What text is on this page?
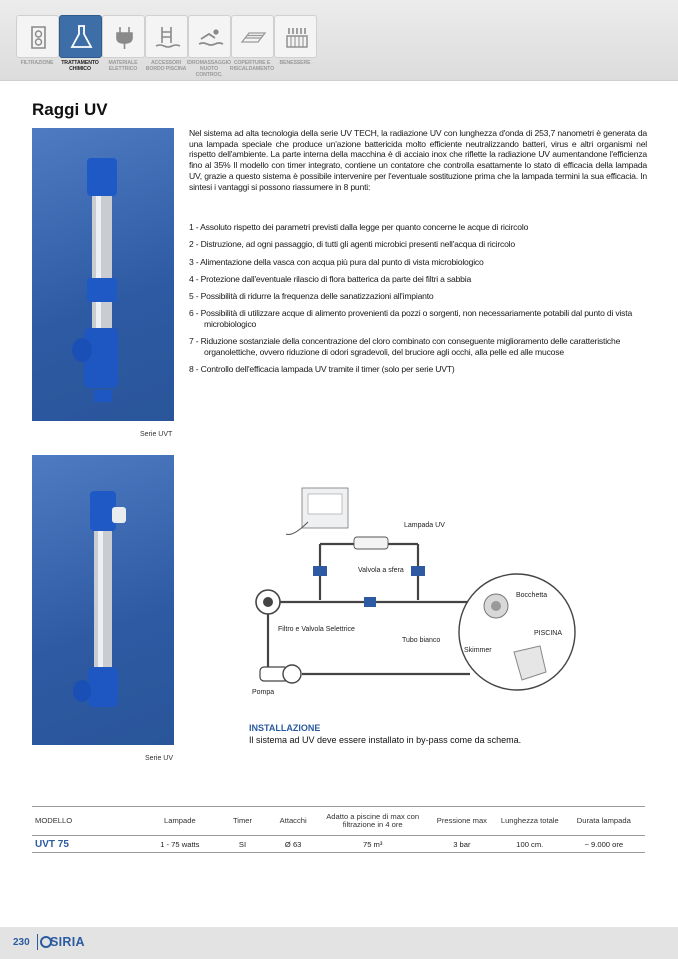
FILTRAZIONE	TRATTAMENTO CHIMICO
MATERIALE ELETTRICO
ACCESSORI BORDO PISCINA
IDROMASSAGGIO NUOTO CONTROC.
COPERTURE E RISCALDAMENTO
BENESSERE
Raggi UV
Serie UVT
Serie UV
Nel sistema ad alta tecnologia della serie UV TECH, la radiazione UV con lunghezza d'onda di 253,7 nanometri è generata da una lampada speciale che produce un'azione battericida molto efficiente neutralizzando batteri, virus e altri organismi nel rispetto dell'ambiente. La parte interna della macchina è di acciaio inox che riflette la radiazione UV aumentandone l'efficienza fino al 35% Il modello con timer integrato, contiene un contatore che controlla esattamente lo stato di efficacia della lampada UV, grazie a questo sistema è possibile intervenire per l'eventuale sostituzione prima che la lampada termini la sua efficacia. In sintesi i vantaggi si possono riassumere in 8 punti:
1 - Assoluto rispetto dei parametri previsti dalla legge per quanto concerne le acque di ricircolo
2 - Distruzione, ad ogni passaggio, di tutti gli agenti microbici presenti nell'acqua di ricircolo
3 - Alimentazione della vasca con acqua più pura dal punto di vista microbiologico
4 - Protezione dall'eventuale rilascio di flora batterica da parte dei filtri a sabbia
5 - Possibilità di ridurre la frequenza delle sanatizzazioni all'impianto
6 - Possibilità di utilizzare acque di alimento provenienti da pozzi o sorgenti, non necessariamente potabili dal punto di vista microbiologico
7 - Riduzione sostanziale della concentrazione del cloro combinato con conseguente miglioramento delle caratteristiche organolettiche, ovvero riduzione di odori sgradevoli, del bruciore agli occhi, alla pelle ed alle mucose
8 - Controllo dell'efficacia lampada UV tramite il timer (solo per serie UVT)
Lampada UV
Valvola a sfera
Bocchetta
PISCINA
Filtro e Valvola Selettrice
Tubo bianco
Skimmer
Pompa
INSTALLAZIONE
Il sistema ad UV deve essere installato in by-pass come da schema.
MODELLO	Lampade	Timer	Attacchi	Adatto a piscine di max con filtrazione in 4 ore	Pressione max	Lunghezza totale	Durata lampada
UVT 75	1 - 75 watts	SI	Ø 63	75 m³	3 bar	100 cm.	~ 9.000 ore
230 SIRIA
